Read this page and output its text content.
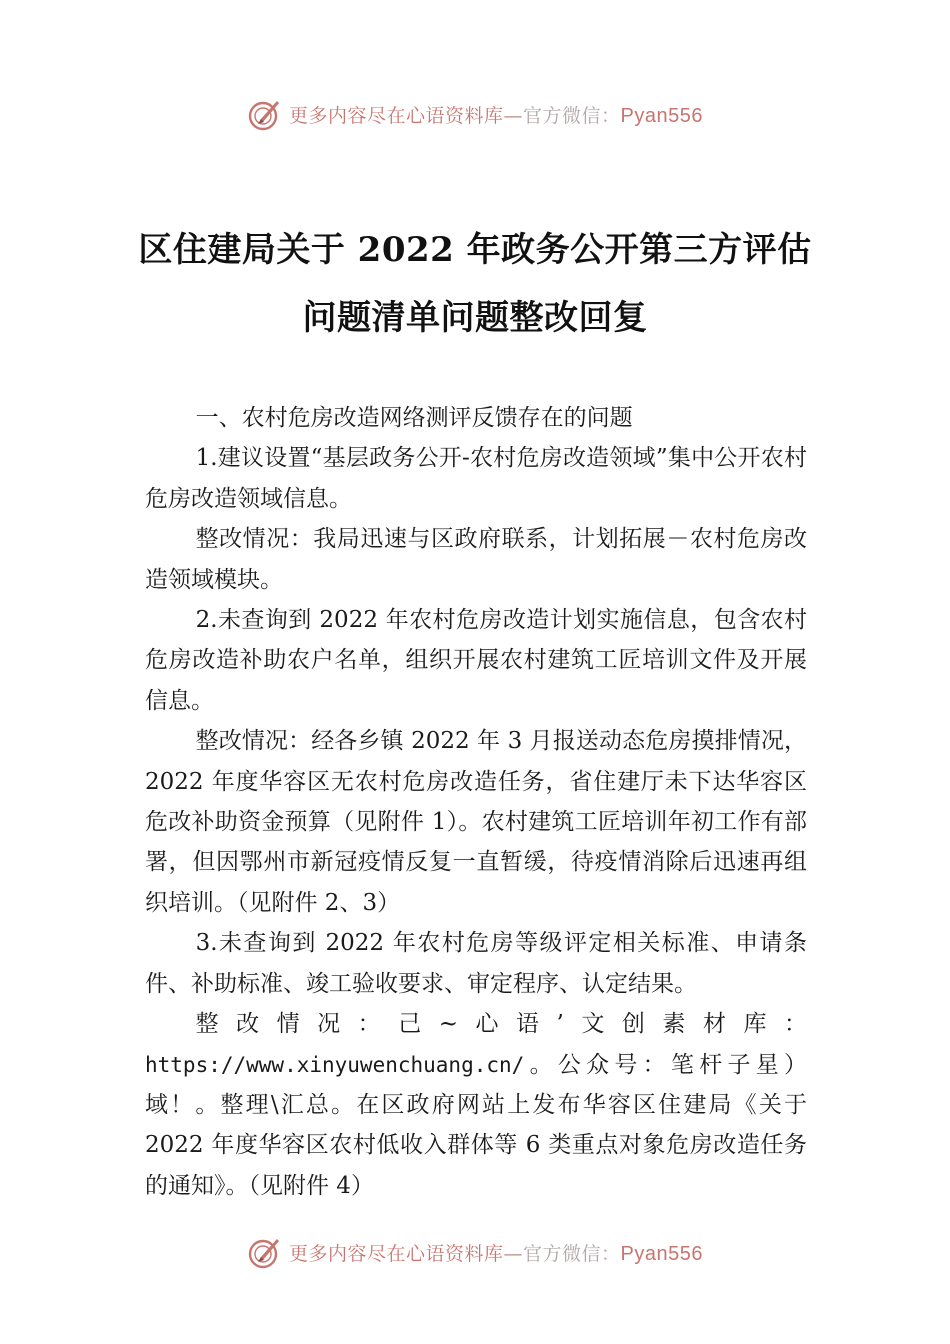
更多内容尽在心语资料库—官方微信：Pyan556
区住建局关于 2022 年政务公开第三方评估
问题清单问题整改回复

一、农村危房改造网络测评反馈存在的问题

1.建议设置“基层政务公开-农村危房改造领域”集中公开农村危房改造领域信息。

整改情况：我局迅速与区政府联系，计划拓展－农村危房改造领域模块。

2.未查询到 2022 年农村危房改造计划实施信息，包含农村危房改造补助农户名单，组织开展农村建筑工匠培训文件及开展信息。

整改情况：经各乡镇 2022 年 3 月报送动态危房摸排情况，2022 年度华容区无农村危房改造任务，省住建厅未下达华容区危改补助资金预算（见附件 1）。农村建筑工匠培训年初工作有部署，但因鄂州市新冠疫情反复一直暂缓，待疫情消除后迅速再组织培训。（见附件 2、3）

3.未查询到 2022 年农村危房等级评定相关标准、申请条件、补助标准、竣工验收要求、审定程序、认定结果。

整改情况：己~心语’文创素材库：https://www.xinyuwenchuang.cn/。公众号：笔杆子星）域！。整理\汇总。在区政府网站上发布华容区住建局《关于 2022 年度华容区农村低收入群体等 6 类重点对象危房改造任务的通知》。（见附件 4）

更多内容尽在心语资料库—官方微信：Pyan556
